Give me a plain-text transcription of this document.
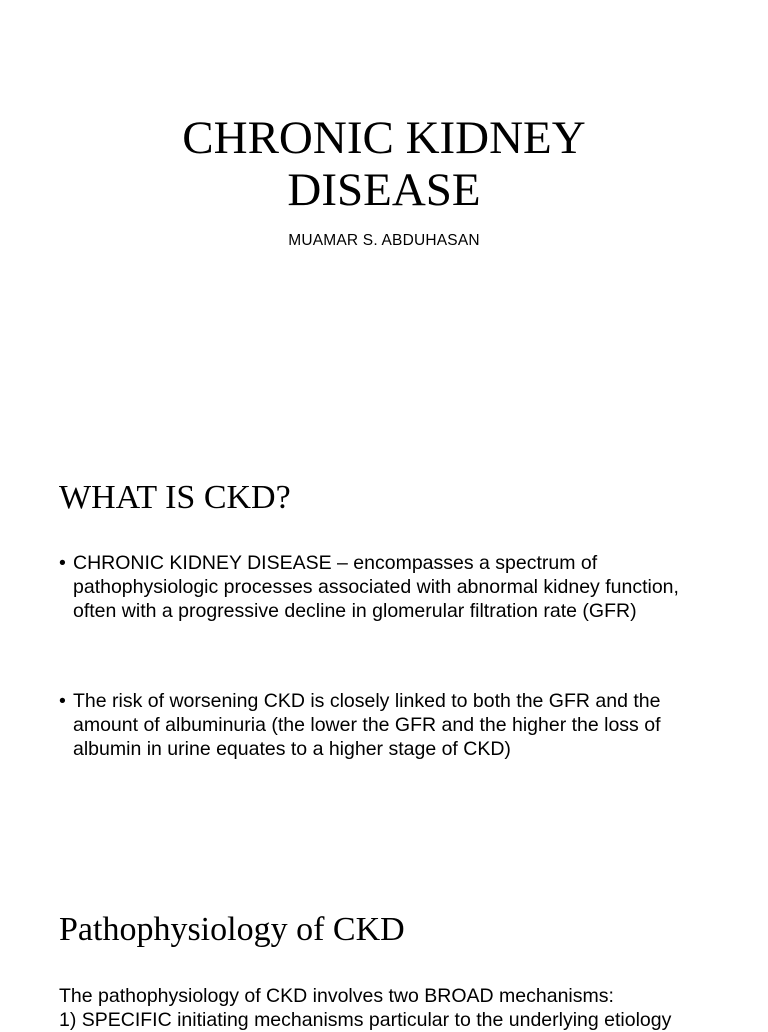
CHRONIC KIDNEY
DISEASE
MUAMAR S. ABDUHASAN
WHAT IS CKD?
• CHRONIC KIDNEY DISEASE – encompasses a spectrum of pathophysiologic processes associated with abnormal kidney function, often with a progressive decline in glomerular filtration rate (GFR)
• The risk of worsening CKD is closely linked to both the GFR and the amount of albuminuria (the lower the GFR and the higher the loss of albumin in urine equates to a higher stage of CKD)
Pathophysiology of CKD

The pathophysiology of CKD involves two BROAD mechanisms:

1) SPECIFIC initiating mechanisms particular to the underlying etiology
